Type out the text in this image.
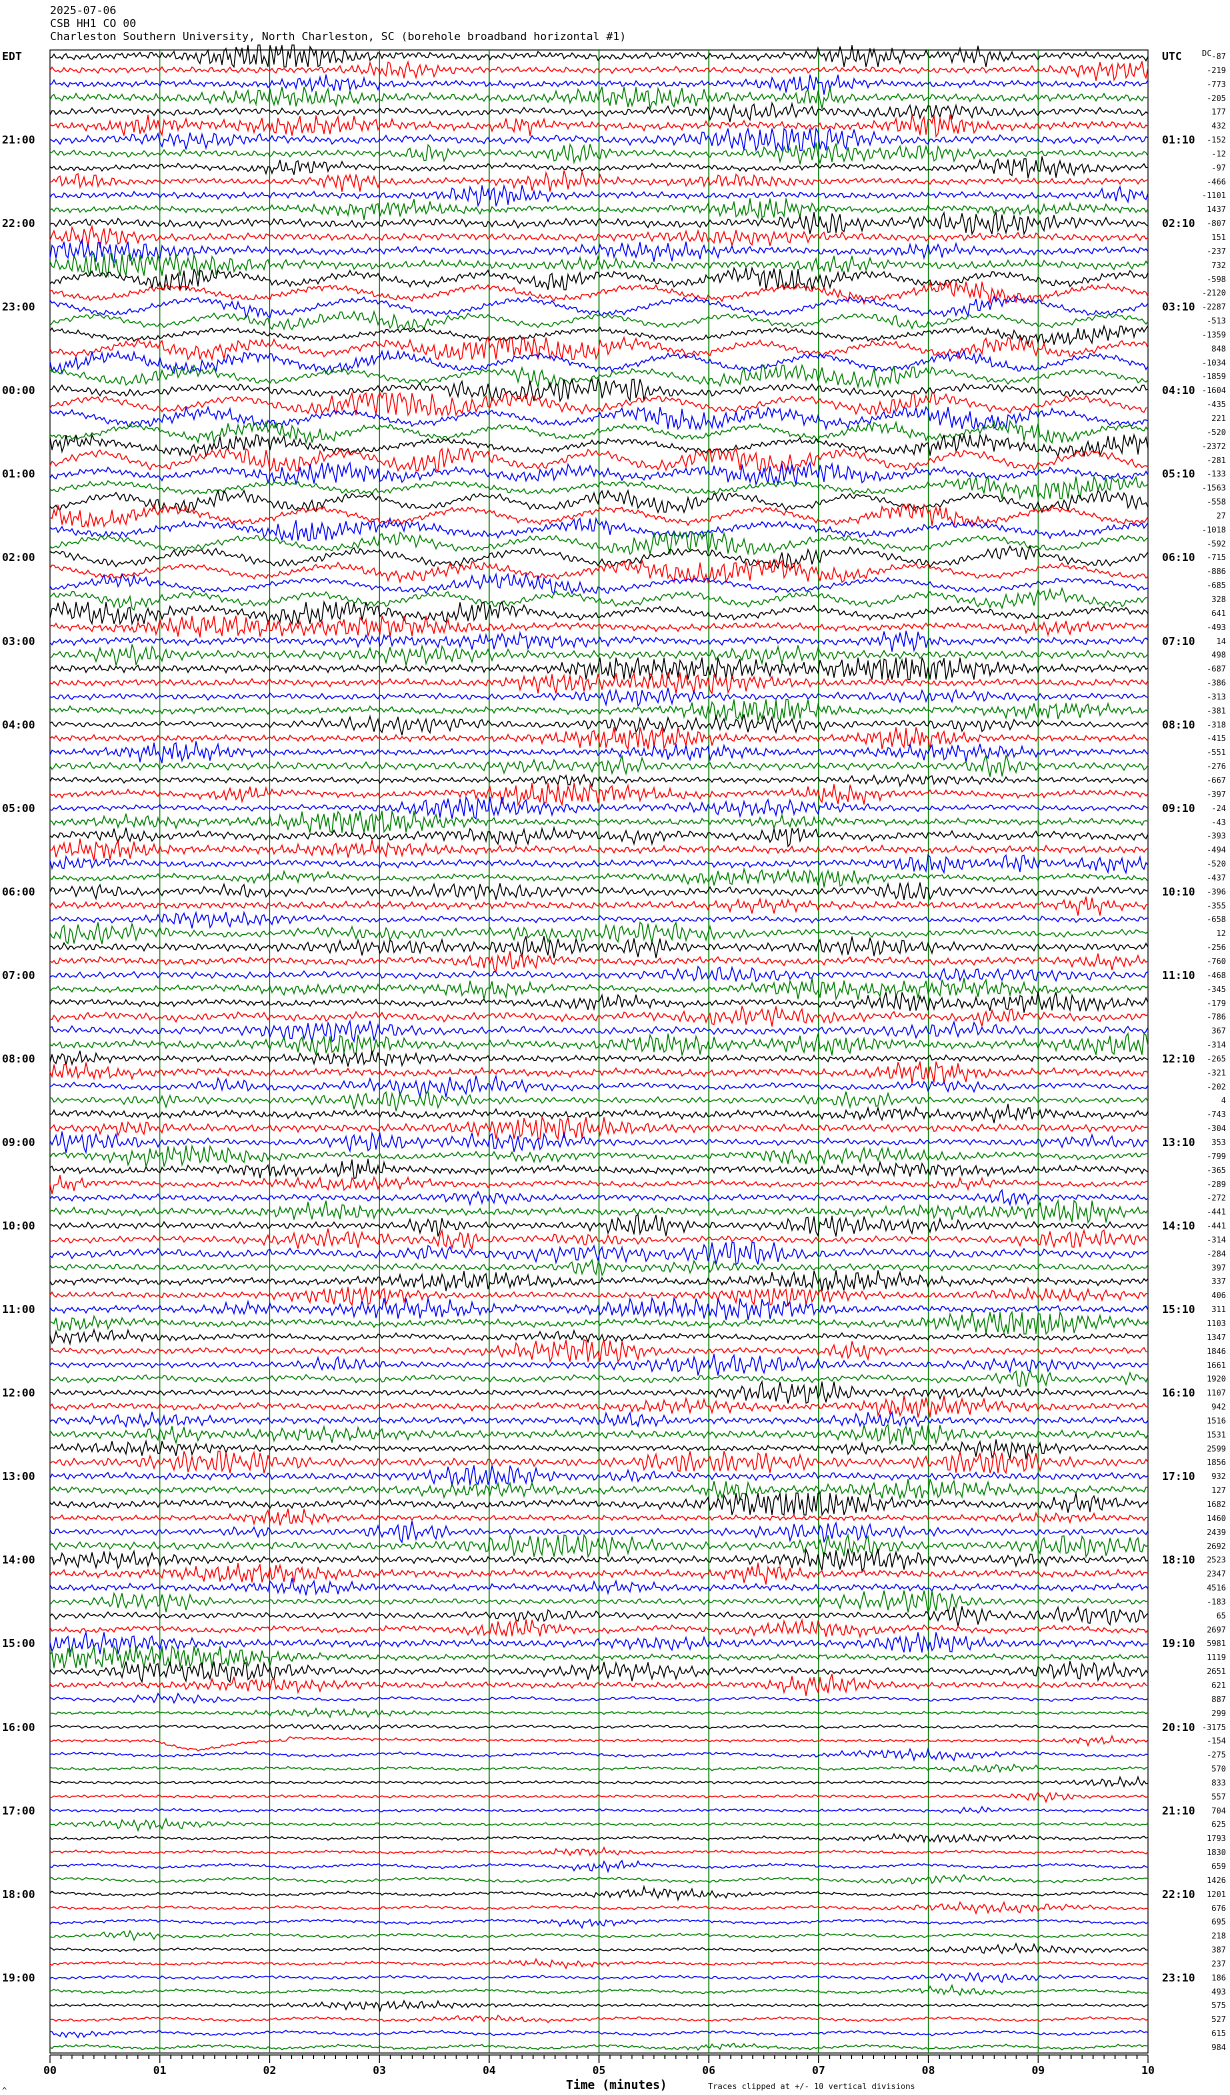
2025-07-06
CSB HH1 CO 00
Charleston Southern University, North Charleston, SC (borehole broadband horizontal #1)
00	01	02	03	04	05	06	07	08	09	10
EDT	UTC	DC -87
-219
-773
-205
177
432
-152
-12
-97
-466
-1101
1437
-807
151
-237
732
-598
-2120
-2287
-513
-1359
848
-1034
-1859
-1604
-435
221
-520
-2372
-281
-133
-1563
-558
27
-1018
-592
-715
-886
-685
328
641
-493
14
498
-687
-386
-313
-381
-318
-415
-551
-276
-667
-397
-24
-43
-393
-494
-520
-437
-396
-355
-658
12
-256
-760
-468
-345
-179
-786
367
-314
-265
-321
-202
4
-743
-304
353
-799
-365
-289
-272
-441
-441
-314
-284
397
337
406
311
1103
1347
1846
1661
1920
1107
942
1516
1531
2599
1856
932
127
1682
1460
2439
2692
2523
2347
4516
-183
65
2697
5981
1119
2651
621
887
299
-3175
-154
-275
570
833
557
704
625
1793
1830
659
1426
1201
676
695
218
387
237
186
493
575
527
615
984
21:00
22:00
23:00
00:00
01:00
02:00
03:00
04:00
05:00
06:00
07:00
08:00
09:00
10:00
11:00
12:00
13:00
14:00
15:00
16:00
17:00
18:00
19:00
01:10
02:10
03:10
04:10
05:10
06:10
07:10
08:10
09:10
10:10
11:10
12:10
13:10
14:10
15:10
16:10
17:10
18:10
19:10
20:10
21:10
22:10
23:10
Time (minutes)	Traces clipped at +/- 10 vertical divisions
^
